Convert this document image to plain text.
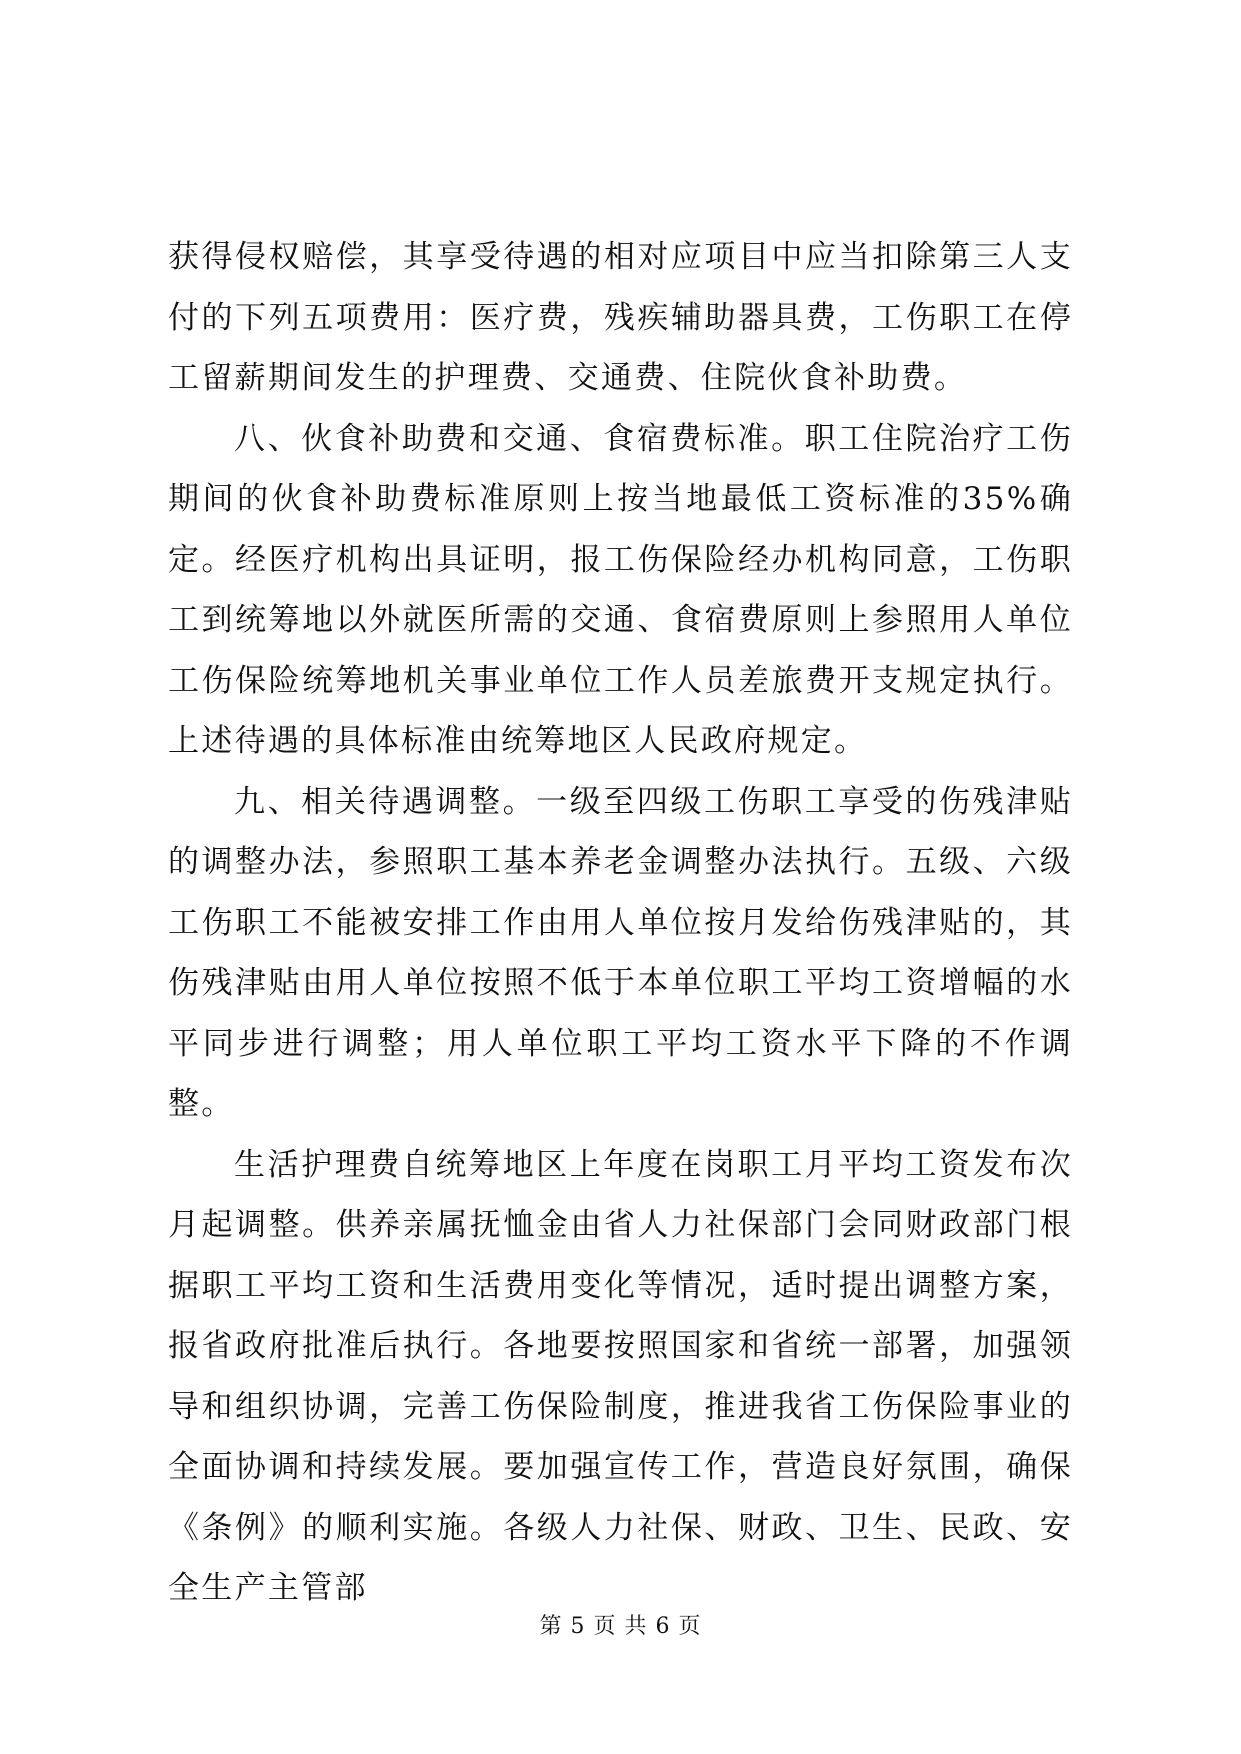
获得侵权赔偿，其享受待遇的相对应项目中应当扣除第三人支付的下列五项费用：医疗费，残疾辅助器具费，工伤职工在停工留薪期间发生的护理费、交通费、住院伙食补助费。

八、伙食补助费和交通、食宿费标准。职工住院治疗工伤期间的伙食补助费标准原则上按当地最低工资标准的35%确定。经医疗机构出具证明，报工伤保险经办机构同意，工伤职工到统筹地以外就医所需的交通、食宿费原则上参照用人单位工伤保险统筹地机关事业单位工作人员差旅费开支规定执行。上述待遇的具体标准由统筹地区人民政府规定。

九、相关待遇调整。一级至四级工伤职工享受的伤残津贴的调整办法，参照职工基本养老金调整办法执行。五级、六级工伤职工不能被安排工作由用人单位按月发给伤残津贴的，其伤残津贴由用人单位按照不低于本单位职工平均工资增幅的水平同步进行调整；用人单位职工平均工资水平下降的不作调整。

生活护理费自统筹地区上年度在岗职工月平均工资发布次月起调整。供养亲属抚恤金由省人力社保部门会同财政部门根据职工平均工资和生活费用变化等情况，适时提出调整方案，报省政府批准后执行。各地要按照国家和省统一部署，加强领导和组织协调，完善工伤保险制度，推进我省工伤保险事业的全面协调和持续发展。要加强宣传工作，营造良好氛围，确保《条例》的顺利实施。各级人力社保、财政、卫生、民政、安全生产主管部

第 5 页 共 6 页
